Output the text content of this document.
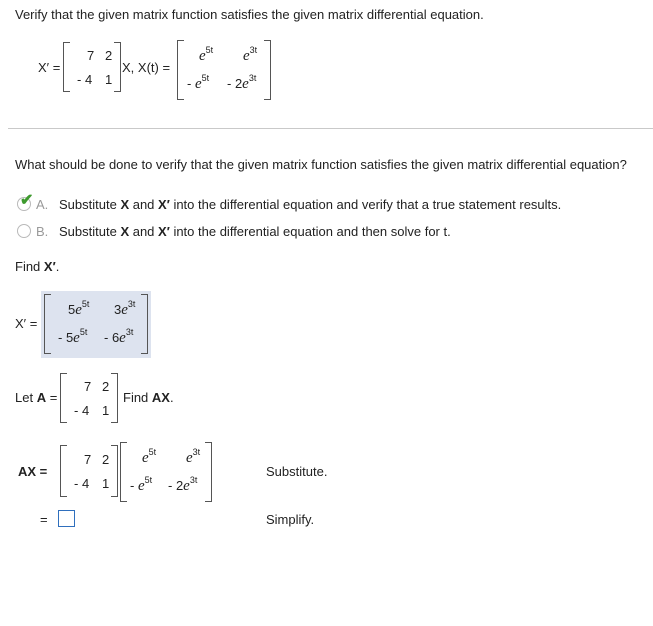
Verify that the given matrix function satisfies the given matrix differential equation.
X′ =
7 2
- 4 1
X, X(t) =
$e^{5t}$ $e^{3t}$
- $e^{5t} - 2e^{3t}$
What should be done to verify that the given matrix function satisfies the given matrix differential equation?
✔ A. Substitute X and X′ into the differential equation and verify that a true statement results.
B. Substitute X and X′ into the differential equation and then solve for t.
Find X′.
X′ =
$5e^{5t}$ $3e^{3t}$
- $5e^{5t} - 6e^{3t}$
Let A =
7 2
- 4 1
Find AX.
AX =
7 2
- 4 1
$e^{5t}$ $e^{3t}$
- $e^{5t} - 2e^{3t}$
Substitute.
=	Simplify.
